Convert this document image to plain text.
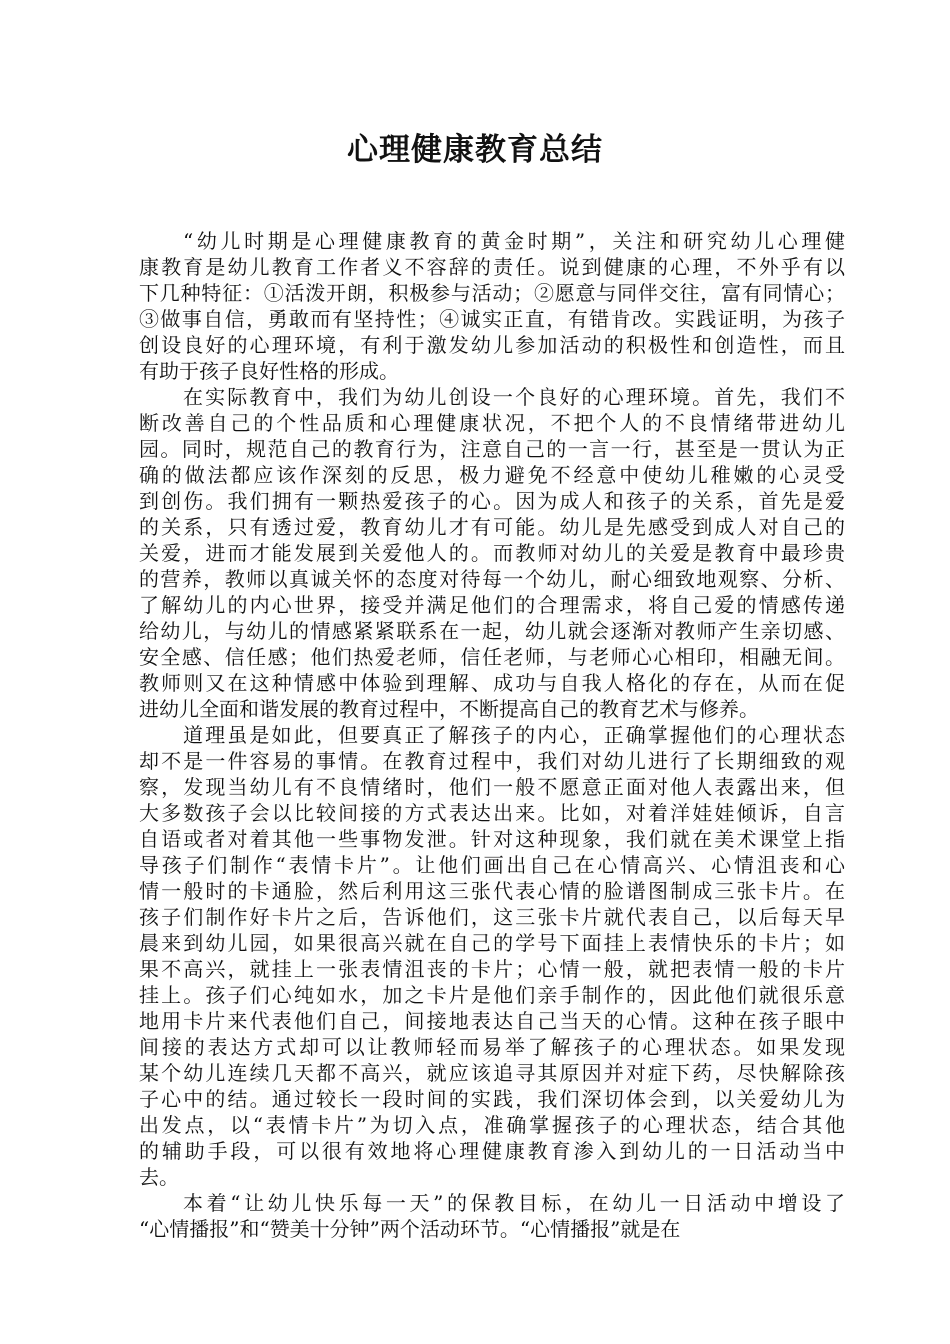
心理健康教育总结
“幼儿时期是心理健康教育的黄金时期”，关注和研究幼儿心理健
康教育是幼儿教育工作者义不容辞的责任。说到健康的心理，不外乎有以
下几种特征：①活泼开朗，积极参与活动；②愿意与同伴交往，富有同情心；
③做事自信，勇敢而有坚持性；④诚实正直，有错肯改。实践证明，为孩子
创设良好的心理环境，有利于激发幼儿参加活动的积极性和创造性，而且
有助于孩子良好性格的形成。
在实际教育中，我们为幼儿创设一个良好的心理环境。首先，我们不
断改善自己的个性品质和心理健康状况，不把个人的不良情绪带进幼儿
园。同时，规范自己的教育行为，注意自己的一言一行，甚至是一贯认为正
确的做法都应该作深刻的反思，极力避免不经意中使幼儿稚嫩的心灵受
到创伤。我们拥有一颗热爱孩子的心。因为成人和孩子的关系，首先是爱
的关系，只有透过爱，教育幼儿才有可能。幼儿是先感受到成人对自己的
关爱，进而才能发展到关爱他人的。而教师对幼儿的关爱是教育中最珍贵
的营养，教师以真诚关怀的态度对待每一个幼儿，耐心细致地观察、分析、
了解幼儿的内心世界，接受并满足他们的合理需求，将自己爱的情感传递
给幼儿，与幼儿的情感紧紧联系在一起，幼儿就会逐渐对教师产生亲切感、
安全感、信任感；他们热爱老师，信任老师，与老师心心相印，相融无间。
教师则又在这种情感中体验到理解、成功与自我人格化的存在，从而在促
进幼儿全面和谐发展的教育过程中，不断提高自己的教育艺术与修养。
道理虽是如此，但要真正了解孩子的内心，正确掌握他们的心理状态
却不是一件容易的事情。在教育过程中，我们对幼儿进行了长期细致的观
察，发现当幼儿有不良情绪时，他们一般不愿意正面对他人表露出来，但
大多数孩子会以比较间接的方式表达出来。比如，对着洋娃娃倾诉，自言
自语或者对着其他一些事物发泄。针对这种现象，我们就在美术课堂上指
导孩子们制作“表情卡片”。让他们画出自己在心情高兴、心情沮丧和心
情一般时的卡通脸，然后利用这三张代表心情的脸谱图制成三张卡片。在
孩子们制作好卡片之后，告诉他们，这三张卡片就代表自己，以后每天早
晨来到幼儿园，如果很高兴就在自己的学号下面挂上表情快乐的卡片；如
果不高兴，就挂上一张表情沮丧的卡片；心情一般，就把表情一般的卡片
挂上。孩子们心纯如水，加之卡片是他们亲手制作的，因此他们就很乐意
地用卡片来代表他们自己，间接地表达自己当天的心情。这种在孩子眼中
间接的表达方式却可以让教师轻而易举了解孩子的心理状态。如果发现
某个幼儿连续几天都不高兴，就应该追寻其原因并对症下药，尽快解除孩
子心中的结。通过较长一段时间的实践，我们深切体会到，以关爱幼儿为
出发点，以“表情卡片”为切入点，准确掌握孩子的心理状态，结合其他
的辅助手段，可以很有效地将心理健康教育渗入到幼儿的一日活动当中
去。
本着“让幼儿快乐每一天”的保教目标，在幼儿一日活动中增设了
“心情播报”和“赞美十分钟”两个活动环节。“心情播报”就是在
